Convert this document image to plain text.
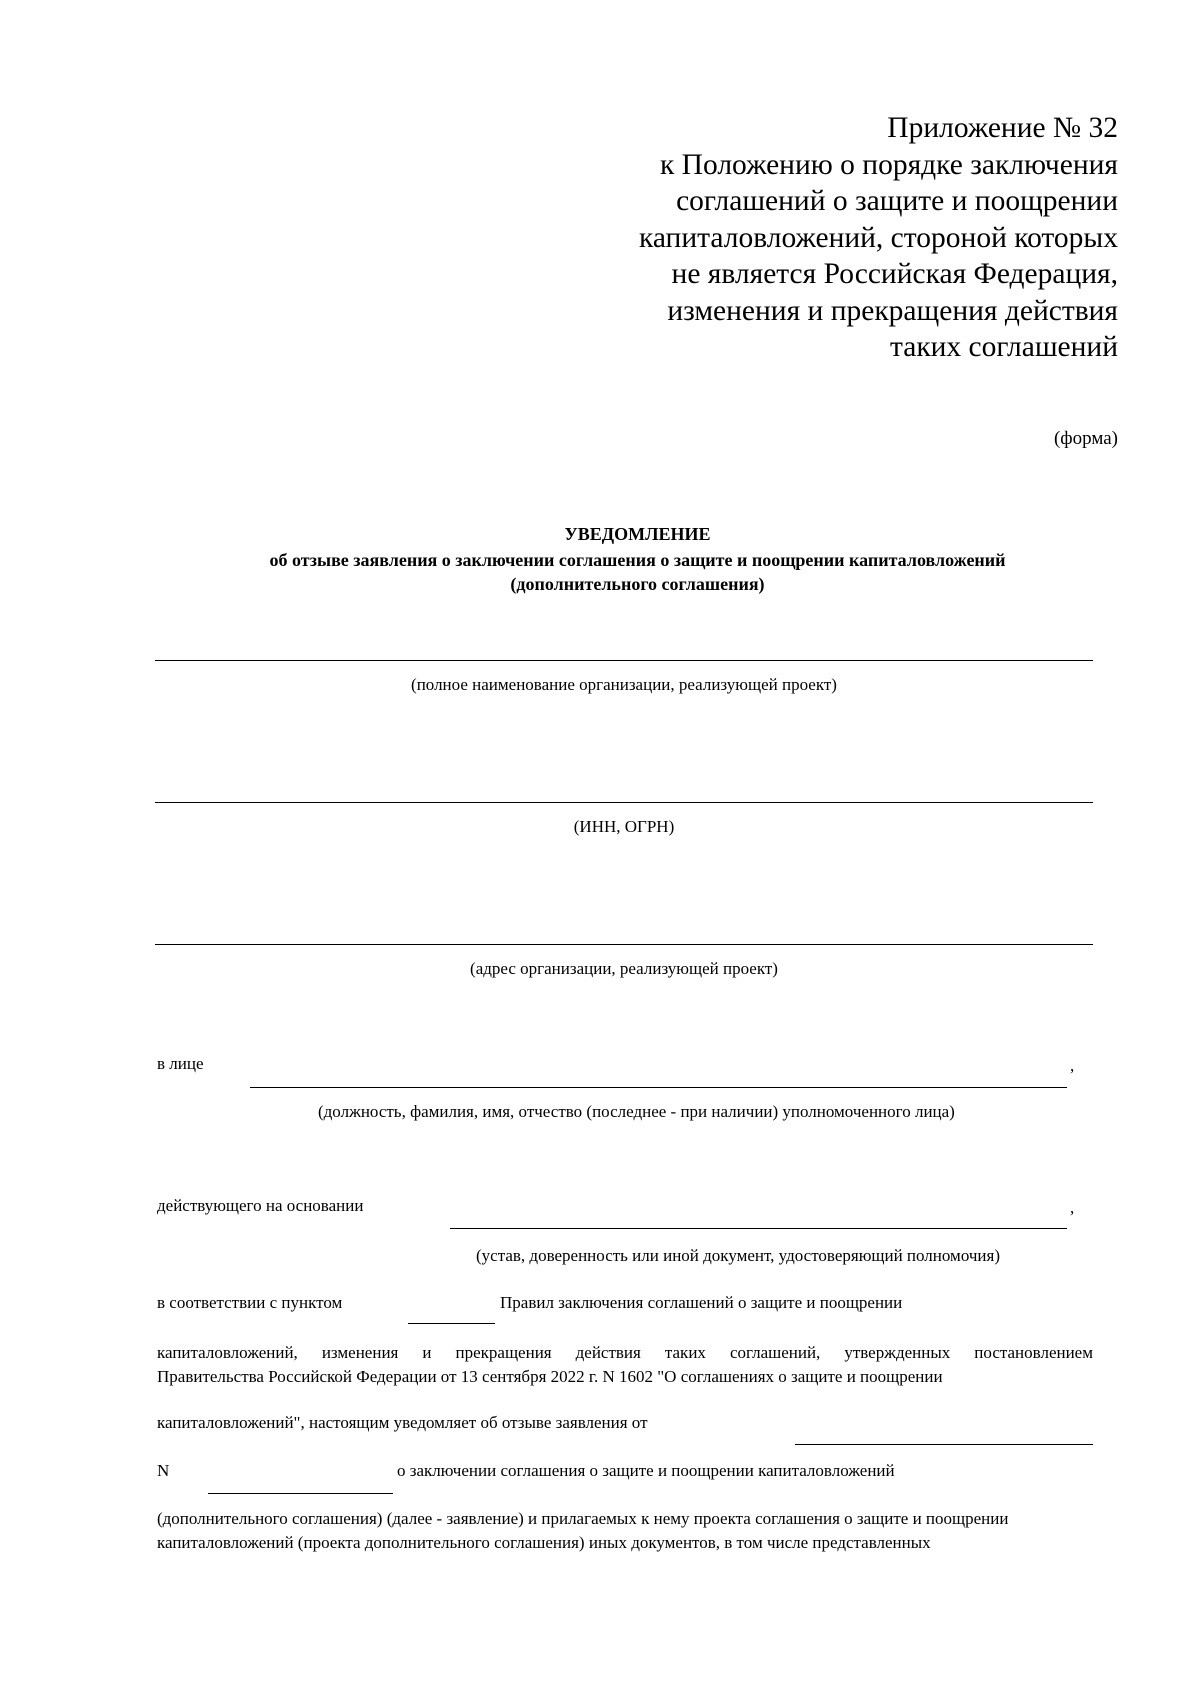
Приложение № 32
к Положению о порядке заключения
соглашений о защите и поощрении
капиталовложений, стороной которых
не является Российская Федерация,
изменения и прекращения действия
таких соглашений
(форма)
УВЕДОМЛЕНИЕ
об отзыве заявления о заключении соглашения о защите и поощрении капиталовложений
(дополнительного соглашения)
(полное наименование организации, реализующей проект)
(ИНН, ОГРН)
(адрес организации, реализующей проект)
в лице	,
(должность, фамилия, имя, отчество (последнее - при наличии) уполномоченного лица)
действующего на основании	,
(устав, доверенность или иной документ, удостоверяющий полномочия)
в соответствии с пунктом	Правил заключения соглашений о защите и поощрении
капиталовложений, изменения и прекращения действия таких соглашений, утвержденных постановлением
Правительства Российской Федерации от 13 сентября 2022 г. N 1602 "О соглашениях о защите и поощрении
капиталовложений", настоящим уведомляет об отзыве заявления от
N	о заключении соглашения о защите и поощрении капиталовложений
(дополнительного соглашения) (далее - заявление) и прилагаемых к нему проекта соглашения о защите и поощрении
капиталовложений (проекта дополнительного соглашения) иных документов, в том числе представленных
